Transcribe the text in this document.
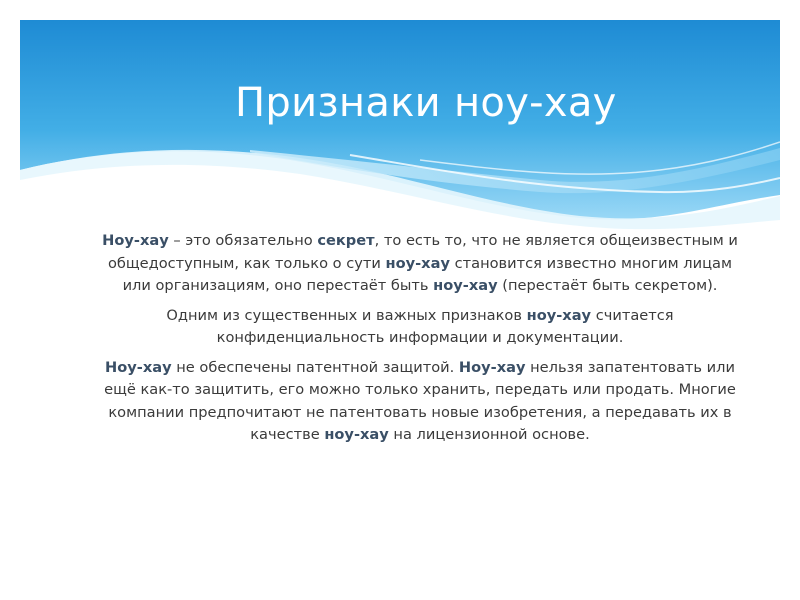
Признаки ноу-хау

Ноу-хау – это обязательно секрет, то есть то, что не является общеизвестным и общедоступным, как только о сути ноу-хау становится известно многим лицам или организациям, оно перестаёт быть ноу-хау (перестаёт быть секретом).

Одним из существенных и важных признаков ноу-хау считается конфиденциальность информации и документации.

Ноу-хау не обеспечены патентной защитой. Ноу-хау нельзя запатентовать или ещё как-то защитить, его можно только хранить, передать или продать. Многие компании предпочитают не патентовать новые изобретения, а передавать их в качестве ноу-хау на лицензионной основе.
